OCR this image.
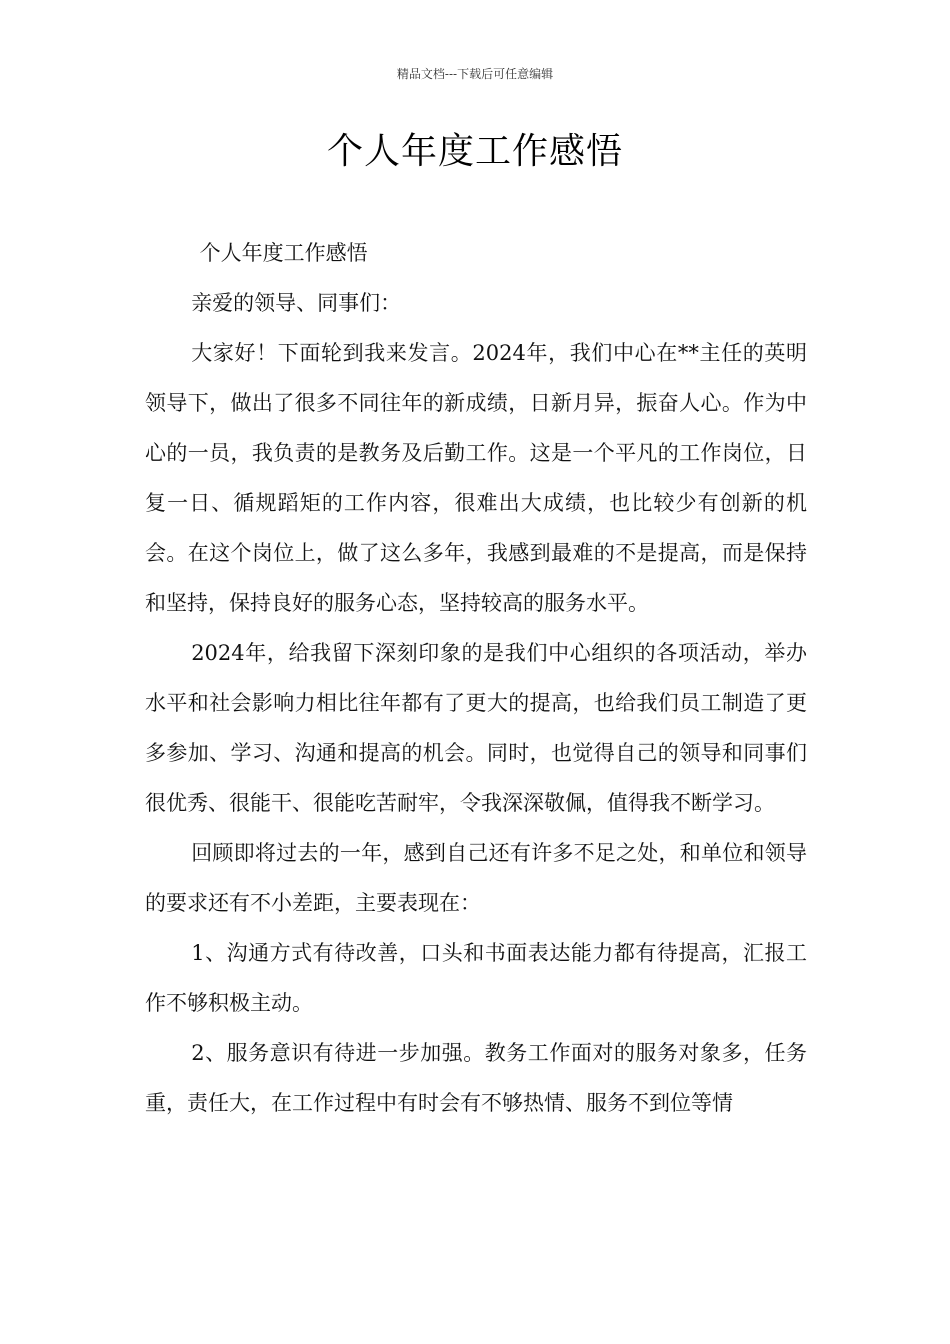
精品文档---下载后可任意编辑
个人年度工作感悟

个人年度工作感悟

亲爱的领导、同事们：

大家好！下面轮到我来发言。2024年，我们中心在**主任的英明领导下，做出了很多不同往年的新成绩，日新月异，振奋人心。作为中心的一员，我负责的是教务及后勤工作。这是一个平凡的工作岗位，日复一日、循规蹈矩的工作内容，很难出大成绩，也比较少有创新的机会。在这个岗位上，做了这么多年，我感到最难的不是提高，而是保持和坚持，保持良好的服务心态，坚持较高的服务水平。

2024年，给我留下深刻印象的是我们中心组织的各项活动，举办水平和社会影响力相比往年都有了更大的提高，也给我们员工制造了更多参加、学习、沟通和提高的机会。同时，也觉得自己的领导和同事们很优秀、很能干、很能吃苦耐牢，令我深深敬佩，值得我不断学习。

回顾即将过去的一年，感到自己还有许多不足之处，和单位和领导的要求还有不小差距，主要表现在：

1、沟通方式有待改善，口头和书面表达能力都有待提高，汇报工作不够积极主动。

2、服务意识有待进一步加强。教务工作面对的服务对象多，任务重，责任大，在工作过程中有时会有不够热情、服务不到位等情
